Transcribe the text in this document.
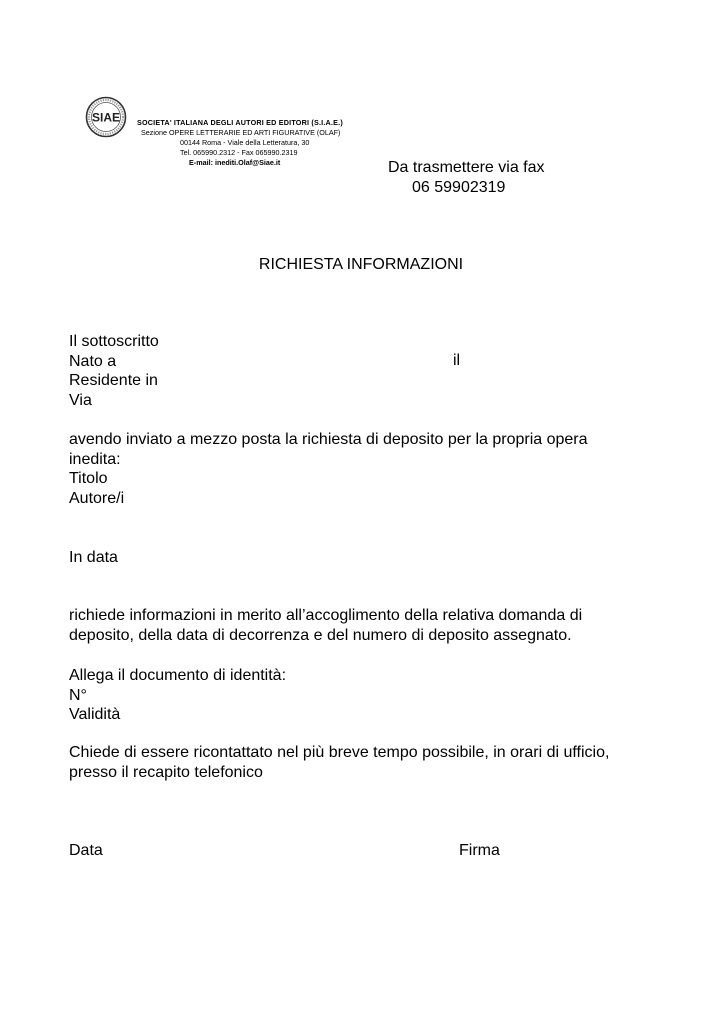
SIAE SOCIETA' ITALIANA DEGLI AUTORI ED EDITORI (S.I.A.E.)
Sezione OPERE LETTERARIE ED ARTI FIGURATIVE (OLAF)
00144 Roma - Viale della Letteratura, 30
Tel. 065990.2312 - Fax 065990.2319
E-mail: inediti.Olaf@Siae.it	Da trasmettere via fax
06 59902319
RICHIESTA INFORMAZIONI
Il sottoscritto
Nato a
Residente in
Via
il
avendo inviato a mezzo posta la richiesta di deposito per la propria opera
inedita:
Titolo
Autore/i
In data
richiede informazioni in merito all’accoglimento della relativa domanda di
deposito, della data di decorrenza e del numero di deposito assegnato.
Allega il documento di identità:
N°
Validità
Chiede di essere ricontattato nel più breve tempo possibile, in orari di ufficio,
presso il recapito telefonico
Data	Firma
